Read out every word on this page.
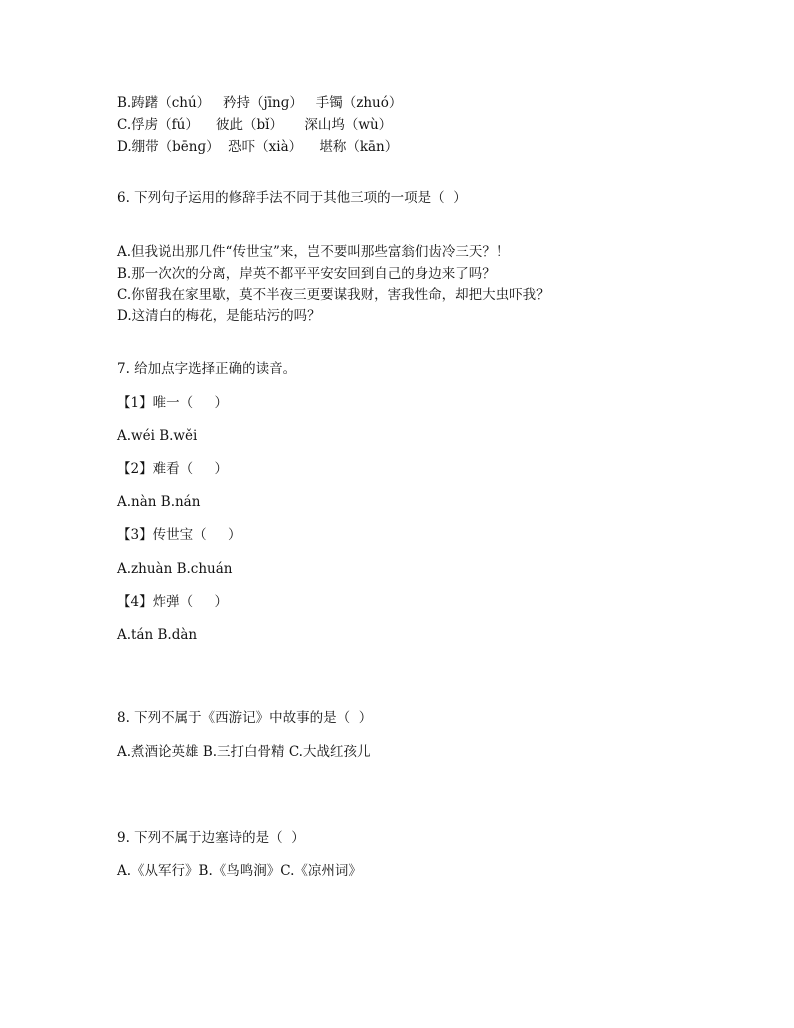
B.踌躇（chú）   矜持（jīnɡ）   手镯（zhuó）
C.俘虏（fú）    彼此（bǐ）     深山坞（wù）
D.绷带（bēnɡ）  恐吓（xià）    堪称（kān）
6. 下列句子运用的修辞手法不同于其他三项的一项是（  ）
A.但我说出那几件“传世宝”来，岂不要叫那些富翁们齿冷三天？！
B.那一次次的分离，岸英不都平平安安回到自己的身边来了吗？
C.你留我在家里歇，莫不半夜三更要谋我财，害我性命，却把大虫吓我？
D.这清白的梅花，是能玷污的吗？
7. 给加点字选择正确的读音。
【1】唯一（     ）
A.wéi B.wěi
【2】难看（     ）
A.nàn B.nán
【3】传世宝（     ）
A.zhuàn B.chuán
【4】炸弹（     ）
A.tán B.dàn
8. 下列不属于《西游记》中故事的是（  ）
A.煮酒论英雄 B.三打白骨精 C.大战红孩儿
9. 下列不属于边塞诗的是（  ）
A.《从军行》B.《鸟鸣涧》C.《凉州词》
